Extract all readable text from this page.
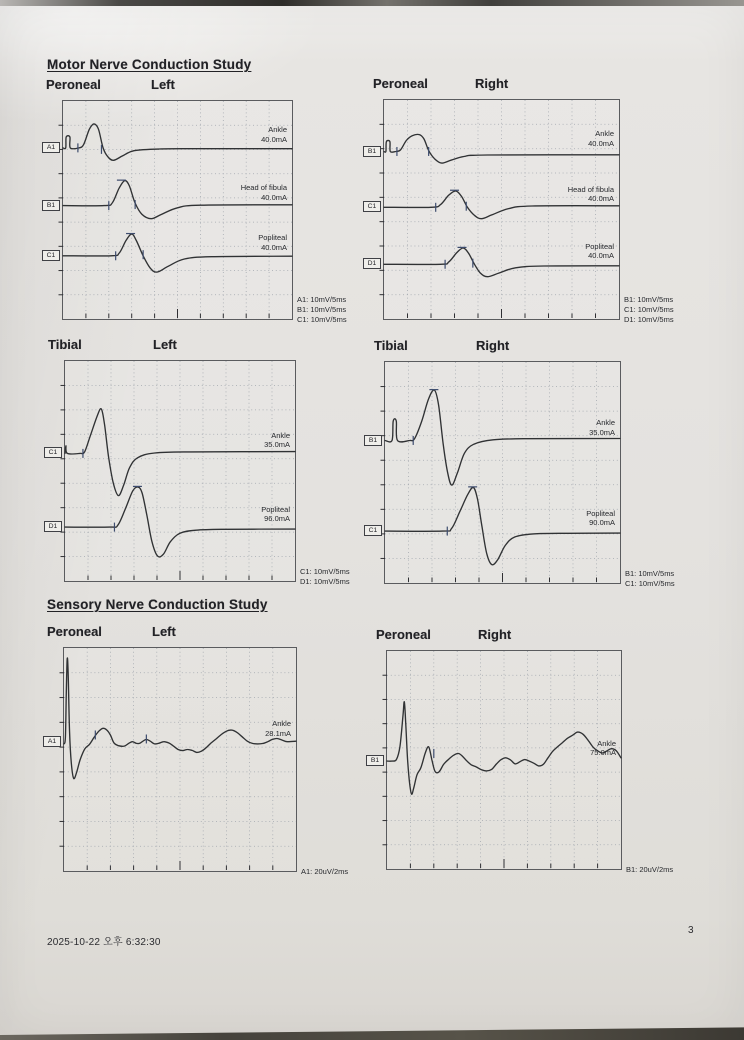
Motor Nerve Conduction Study
Sensory Nerve Conduction Study
Peroneal	Left
A1
Ankle
40.0mA
B1
Head of fibula
40.0mA
C1
Popliteal
40.0mA
A1: 10mV/5ms
B1: 10mV/5ms
C1: 10mV/5ms
Peroneal	Right
B1
Ankle
40.0mA
C1
Head of fibula
40.0mA
D1
Popliteal
40.0mA
B1: 10mV/5ms
C1: 10mV/5ms
D1: 10mV/5ms
Tibial	Left
C1
Ankle
35.0mA
D1
Popliteal
96.0mA
C1: 10mV/5ms
D1: 10mV/5ms
Tibial	Right
B1
Ankle
35.0mA
C1
Popliteal
90.0mA
B1: 10mV/5ms
C1: 10mV/5ms
Peroneal	Left
A1
Ankle
28.1mA
A1: 20uV/2ms
Peroneal	Right
B1
Ankle
75.0mA
B1: 20uV/2ms
2025-10-22 오후 6:32:30
3
